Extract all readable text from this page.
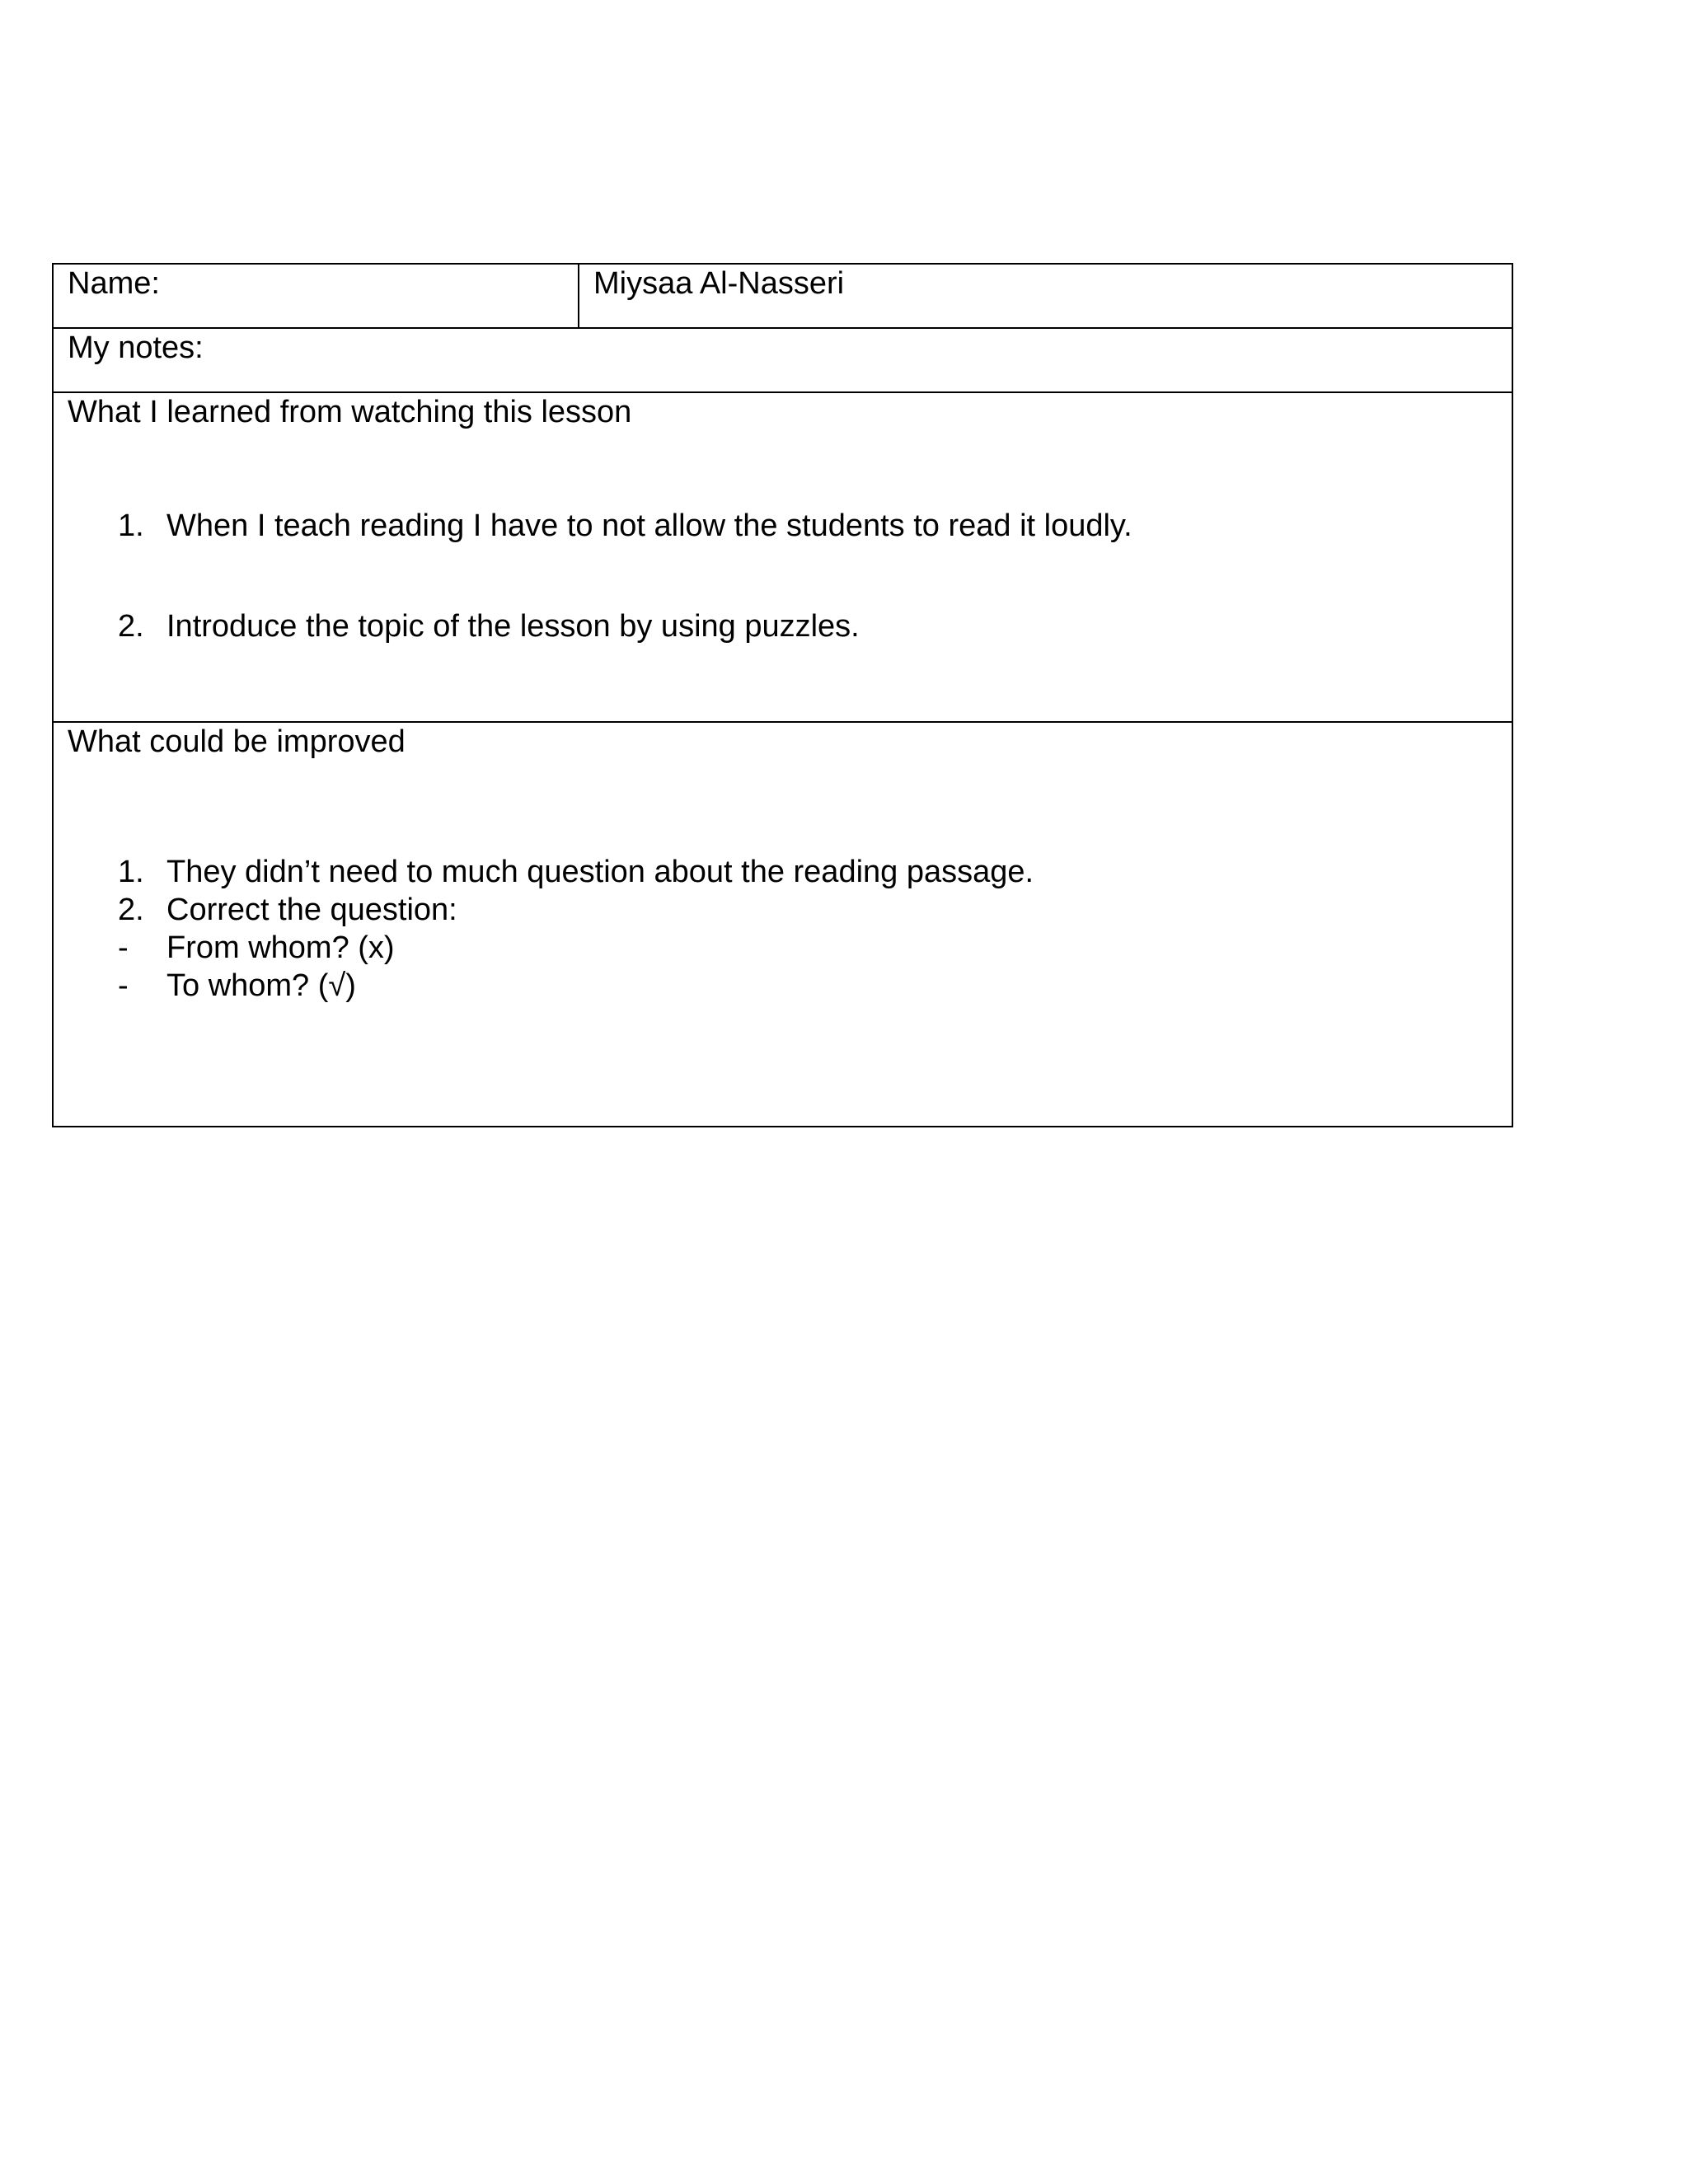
Name:	Miysaa Al-Nasseri
My notes:
What I learned from watching this lesson
1. When I teach reading I have to not allow the students to read it loudly.
2. Introduce the topic of the lesson by using puzzles.
What could be improved
1. They didn’t need to much question about the reading passage.
2. Correct the question:
-	From whom? (x)
-	To whom? (√)
